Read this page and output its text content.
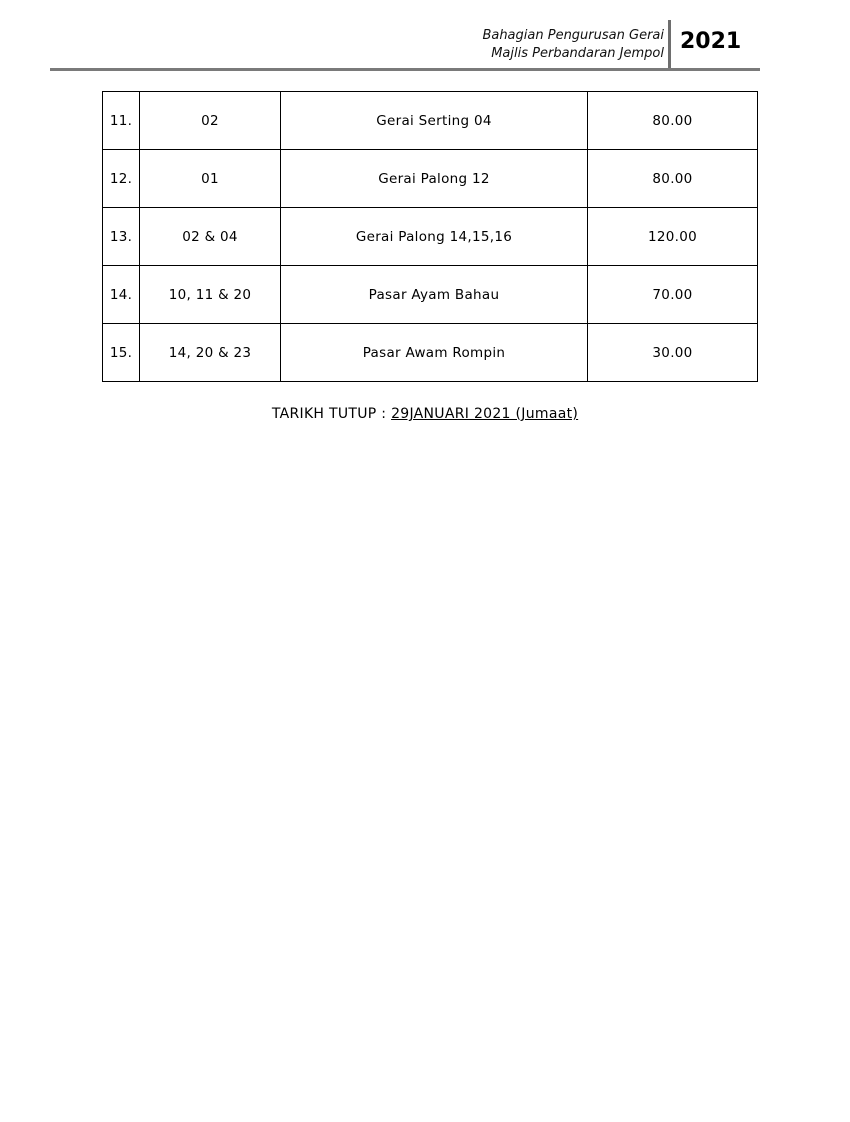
Bahagian Pengurusan Gerai
Majlis Perbandaran Jempol 2021
11.	02	Gerai Serting 04	80.00
12.	01	Gerai Palong 12	80.00
13.	02 & 04	Gerai Palong 14,15,16	120.00
14.	10, 11 & 20	Pasar Ayam Bahau	70.00
15.	14, 20 & 23	Pasar Awam Rompin	30.00
TARIKH TUTUP : 29JANUARI 2021 (Jumaat)
